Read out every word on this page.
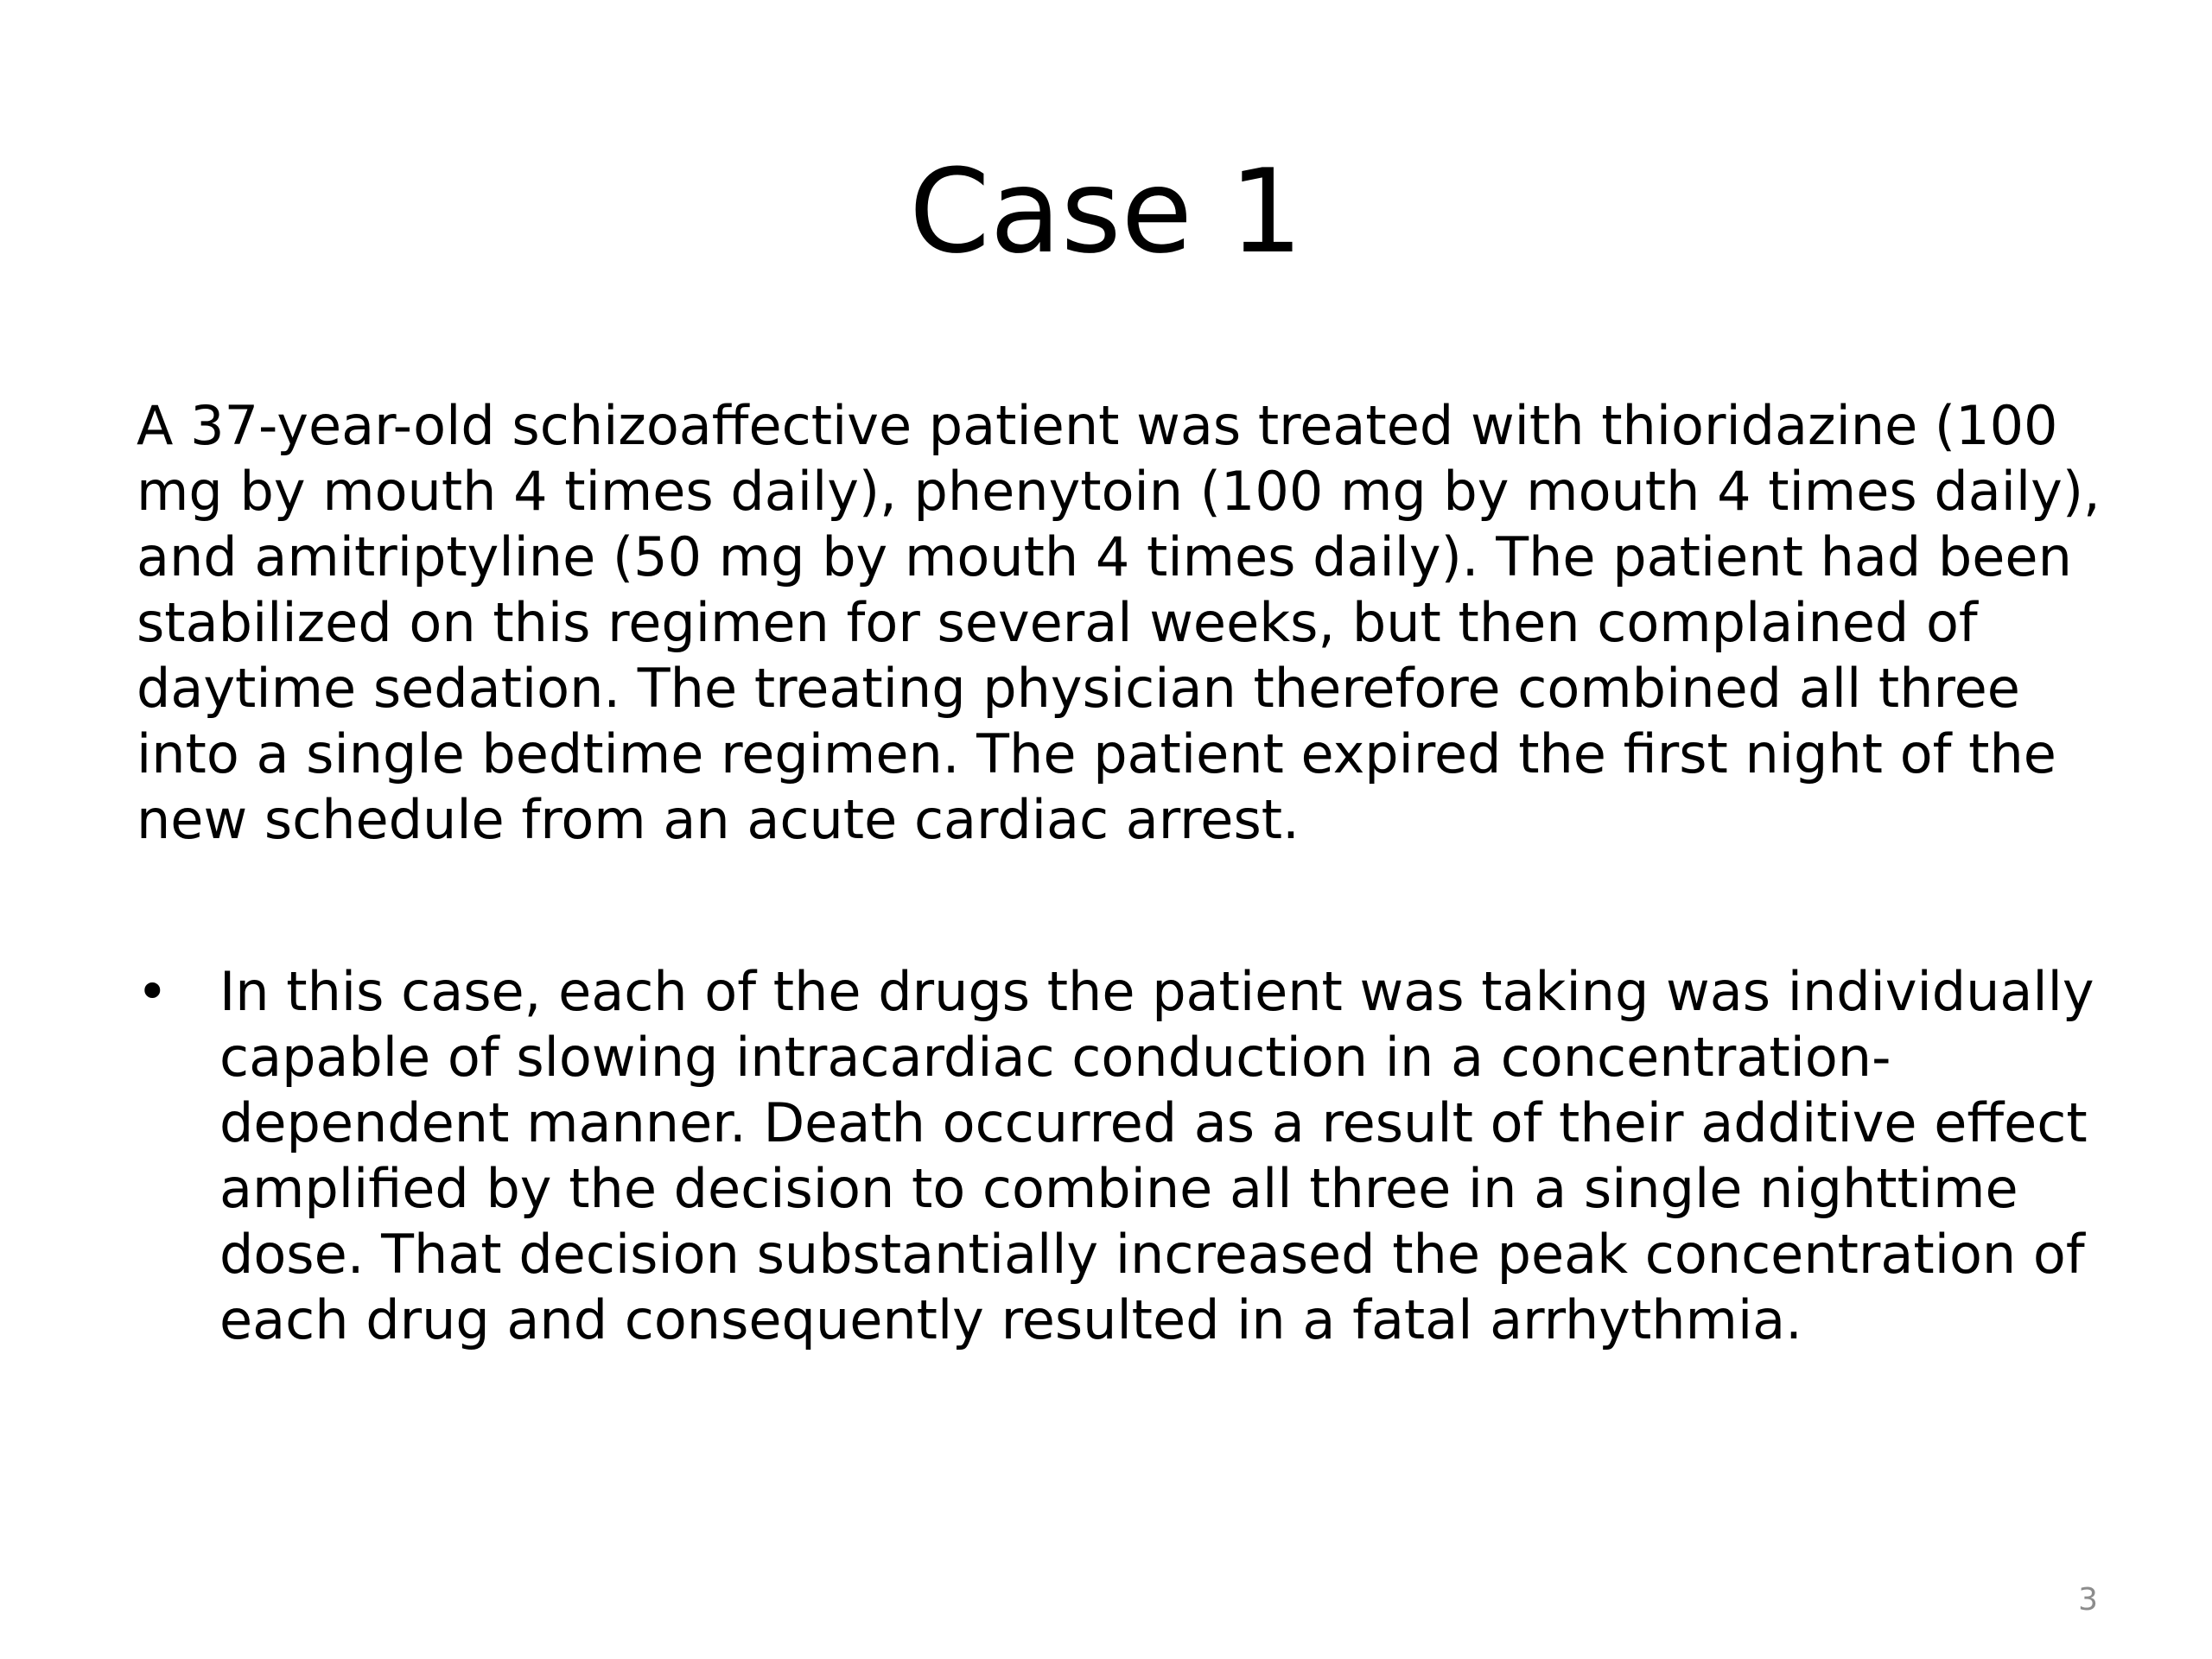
Case 1

A 37-year-old schizoaffective patient was treated with thioridazine (100 mg by mouth 4 times daily), phenytoin (100 mg by mouth 4 times daily), and amitriptyline (50 mg by mouth 4 times daily). The patient had been stabilized on this regimen for several weeks, but then complained of daytime sedation. The treating physician therefore combined all three into a single bedtime regimen. The patient expired the first night of the new schedule from an acute cardiac arrest.

• In this case, each of the drugs the patient was taking was individually capable of slowing intracardiac conduction in a concentration-dependent manner. Death occurred as a result of their additive effect amplified by the decision to combine all three in a single nighttime dose. That decision substantially increased the peak concentration of each drug and consequently resulted in a fatal arrhythmia.
3
